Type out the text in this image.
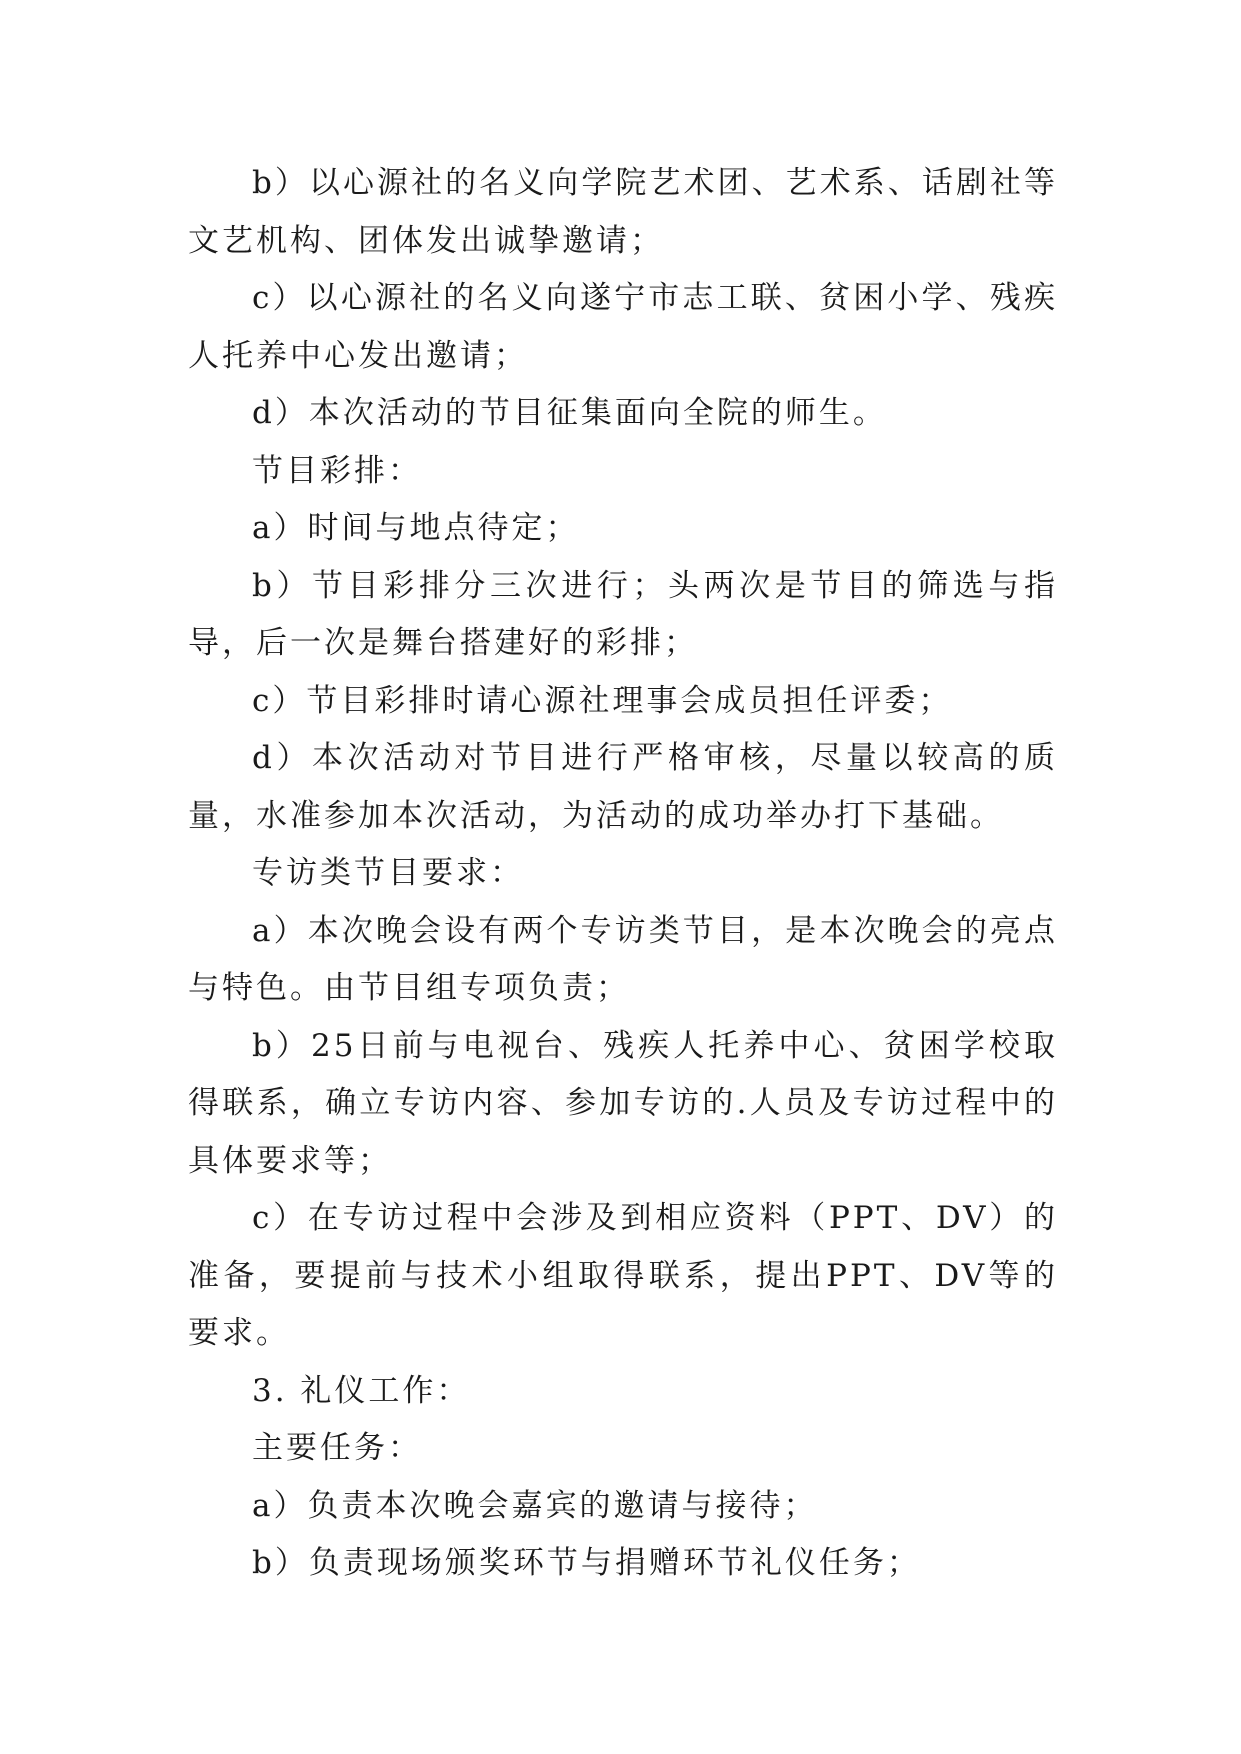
b）以心源社的名义向学院艺术团、艺术系、话剧社等文艺机构、团体发出诚挚邀请；

c）以心源社的名义向遂宁市志工联、贫困小学、残疾人托养中心发出邀请；

d）本次活动的节目征集面向全院的师生。

节目彩排：

a）时间与地点待定；

b）节目彩排分三次进行；头两次是节目的筛选与指导，后一次是舞台搭建好的彩排；

c）节目彩排时请心源社理事会成员担任评委；

d）本次活动对节目进行严格审核，尽量以较高的质量，水准参加本次活动，为活动的成功举办打下基础。

专访类节目要求：

a）本次晚会设有两个专访类节目，是本次晚会的亮点与特色。由节目组专项负责；

b）25日前与电视台、残疾人托养中心、贫困学校取得联系，确立专访内容、参加专访的.人员及专访过程中的具体要求等；

c）在专访过程中会涉及到相应资料（PPT、DV）的准备，要提前与技术小组取得联系，提出PPT、DV等的要求。

3. 礼仪工作：

主要任务：

a）负责本次晚会嘉宾的邀请与接待；

b）负责现场颁奖环节与捐赠环节礼仪任务；
